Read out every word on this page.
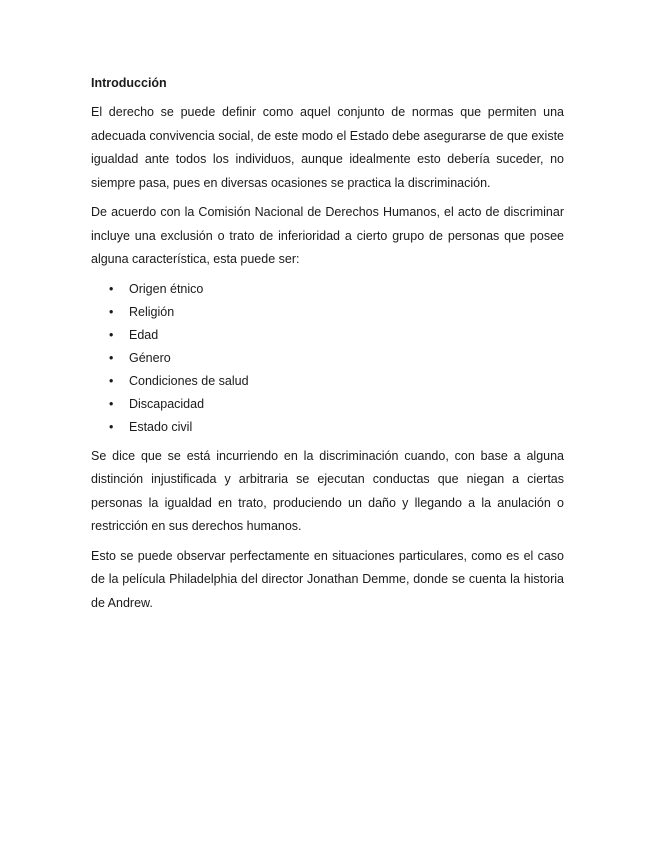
Introducción

El derecho se puede definir como aquel conjunto de normas que permiten una adecuada convivencia social, de este modo el Estado debe asegurarse de que existe igualdad ante todos los individuos, aunque idealmente esto debería suceder, no siempre pasa, pues en diversas ocasiones se practica la discriminación.

De acuerdo con la Comisión Nacional de Derechos Humanos, el acto de discriminar incluye una exclusión o trato de inferioridad a cierto grupo de personas que posee alguna característica, esta puede ser:

• Origen étnico
• Religión
• Edad
• Género
• Condiciones de salud
• Discapacidad
• Estado civil

Se dice que se está incurriendo en la discriminación cuando, con base a alguna distinción injustificada y arbitraria se ejecutan conductas que niegan a ciertas personas la igualdad en trato, produciendo un daño y llegando a la anulación o restricción en sus derechos humanos.

Esto se puede observar perfectamente en situaciones particulares, como es el caso de la película Philadelphia del director Jonathan Demme, donde se cuenta la historia de Andrew.
